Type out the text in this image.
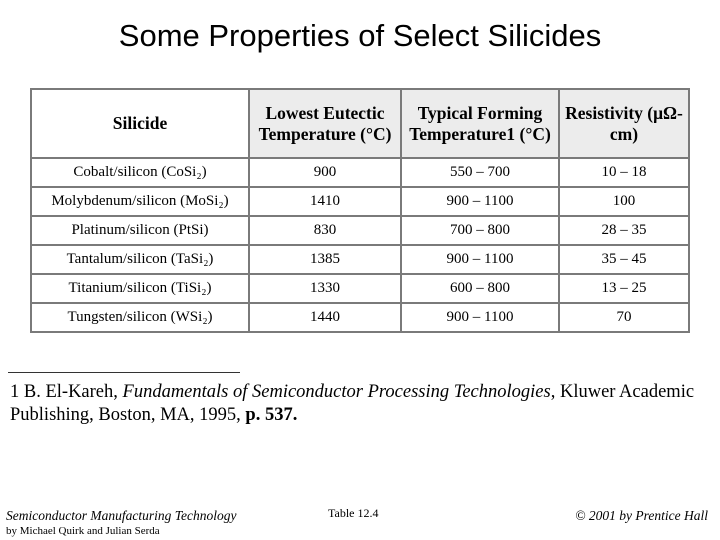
Some Properties of Select Silicides
Silicide	Lowest Eutectic Temperature (°C)	Typical Forming Temperature1 (°C)	Resistivity (μΩ-cm)
Cobalt/silicon (CoSi₂)	900	550 – 700	10 – 18
Molybdenum/silicon (MoSi₂)	1410	900 – 1100	100
Platinum/silicon (PtSi)	830	700 – 800	28 – 35
Tantalum/silicon (TaSi₂)	1385	900 – 1100	35 – 45
Titanium/silicon (TiSi₂)	1330	600 – 800	13 – 25
Tungsten/silicon (WSi₂)	1440	900 – 1100	70
1 B. El-Kareh, Fundamentals of Semiconductor Processing Technologies, Kluwer Academic Publishing, Boston, MA, 1995, p. 537.
Semiconductor Manufacturing Technology
by Michael Quirk and Julian Serda
Table 12.4	© 2001 by Prentice Hall
